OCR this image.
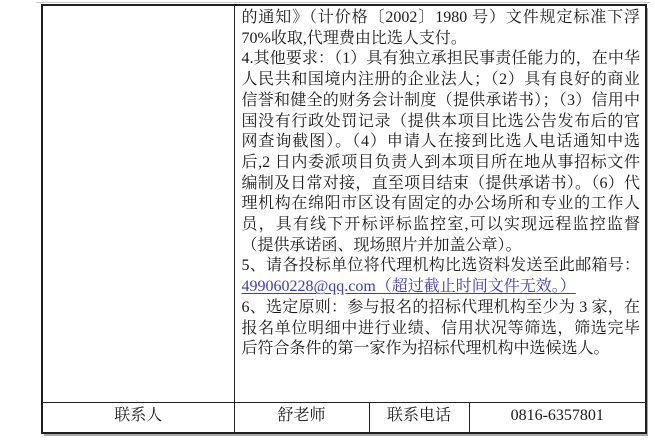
	的通知》（计价格〔2002〕1980 号）文件规定标准下浮 70%收取,代理费由比选人支付。

4.其他要求：（1）具有独立承担民事责任能力的，在中华人民共和国境内注册的企业法人；（2）具有良好的商业信誉和健全的财务会计制度（提供承诺书）；（3）信用中国没有行政处罚记录（提供本项目比选公告发布后的官网查询截图）。（4）申请人在接到比选人电话通知中选后,2 日内委派项目负责人到本项目所在地从事招标文件编制及日常对接，直至项目结束（提供承诺书）。（6）代理机构在绵阳市区设有固定的办公场所和专业的工作人员，具有线下开标评标监控室,可以实现远程监控监督（提供承诺函、现场照片并加盖公章）。

5、请各投标单位将代理机构比选资料发送至此邮箱号：499060228@qq.com（超过截止时间文件无效。）

6、选定原则：参与报名的招标代理机构至少为 3 家，在报名单位明细中进行业绩、信用状况等筛选，筛选完毕后符合条件的第一家作为招标代理机构中选候选人。		

联系人	舒老师	联系电话	0816-6357801
